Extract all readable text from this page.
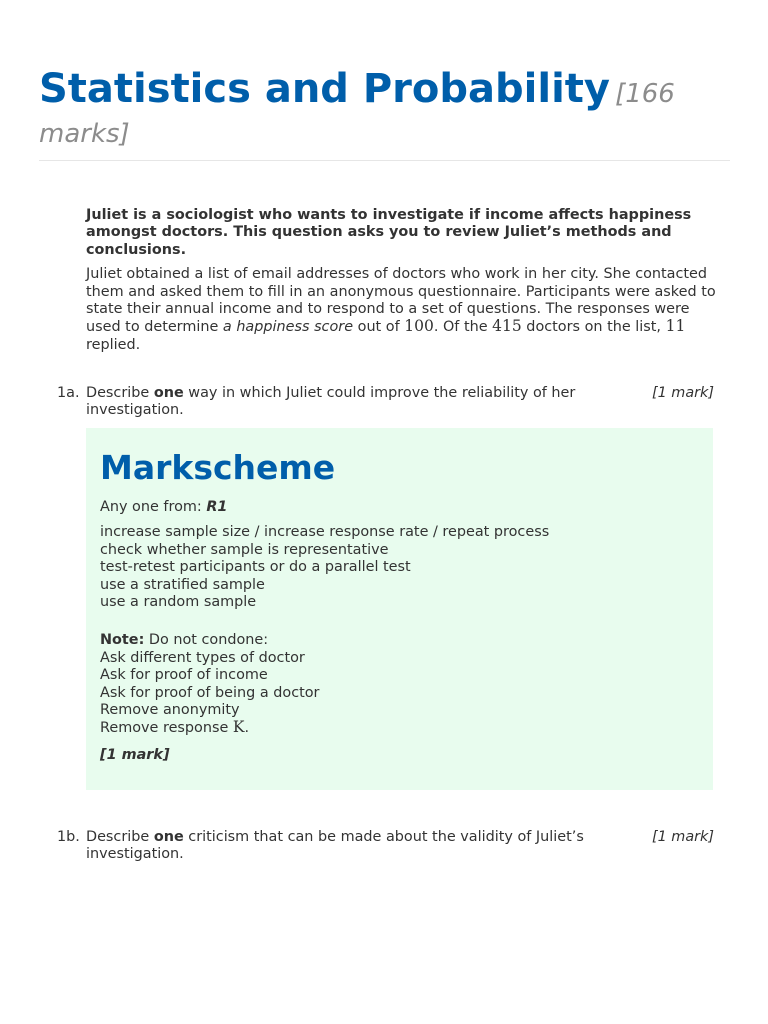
Statistics and Probability [166 marks]

Juliet is a sociologist who wants to investigate if income affects happiness amongst doctors. This question asks you to review Juliet’s methods and conclusions.

Juliet obtained a list of email addresses of doctors who work in her city. She contacted them and asked them to fill in an anonymous questionnaire. Participants were asked to state their annual income and to respond to a set of questions. The responses were used to determine a happiness score out of 100. Of the 415 doctors on the list, 11 replied.

1a. Describe one way in which Juliet could improve the reliability of her investigation.
[1 mark]
Markscheme
Any one from: R1
increase sample size / increase response rate / repeat process
check whether sample is representative
test-retest participants or do a parallel test
use a stratified sample
use a random sample
Note: Do not condone:
Ask different types of doctor
Ask for proof of income
Ask for proof of being a doctor
Remove anonymity
Remove response K.
[1 mark]
1b. Describe one criticism that can be made about the validity of Juliet’s investigation.
[1 mark]
